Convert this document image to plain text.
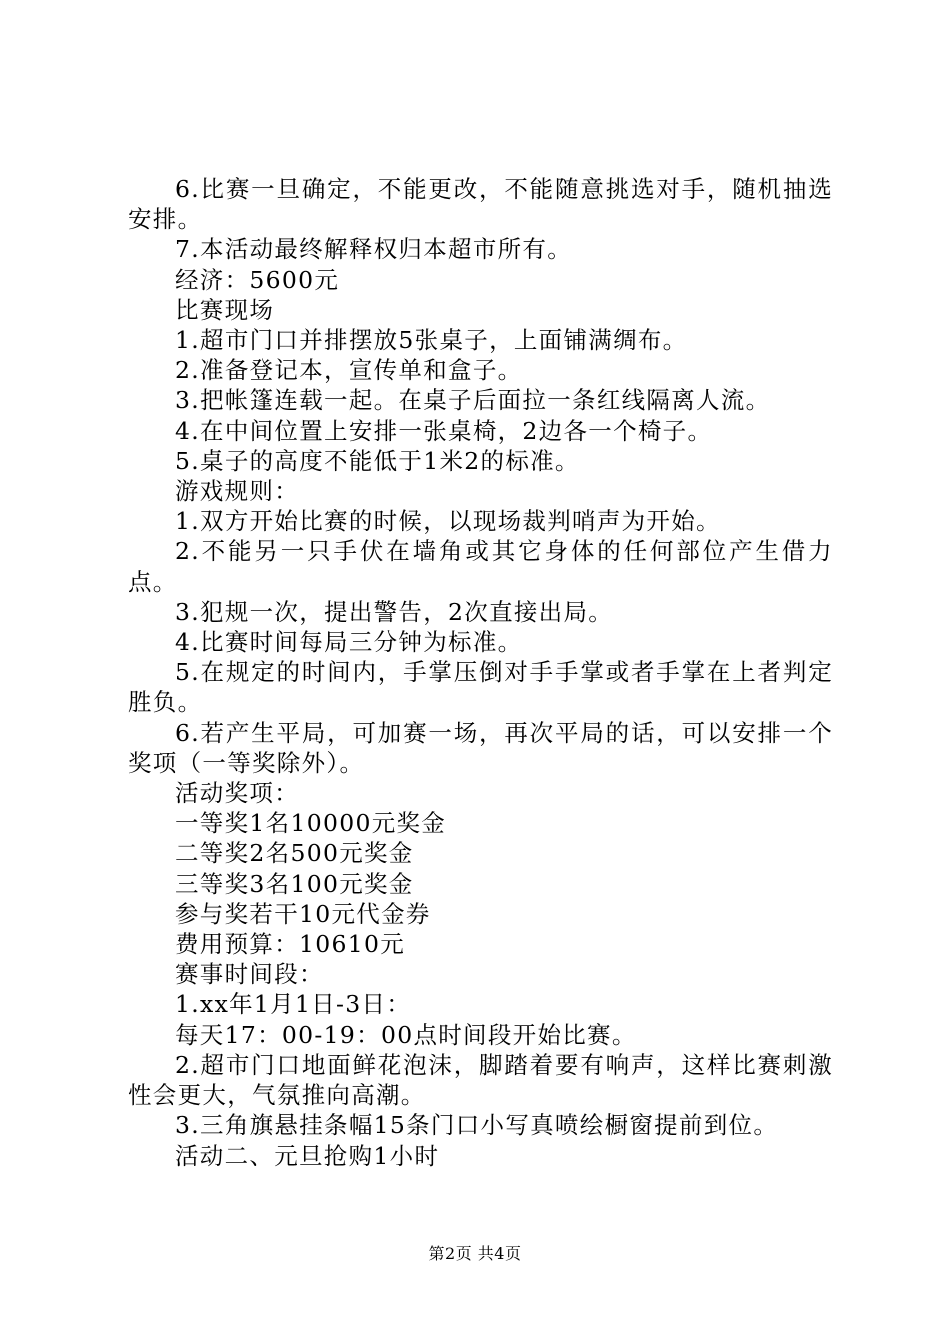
6.比赛一旦确定，不能更改，不能随意挑选对手，随机抽选安排。

7.本活动最终解释权归本超市所有。

经济：5600元

比赛现场

1.超市门口并排摆放5张桌子，上面铺满绸布。

2.准备登记本，宣传单和盒子。

3.把帐篷连载一起。在桌子后面拉一条红线隔离人流。

4.在中间位置上安排一张桌椅，2边各一个椅子。

5.桌子的高度不能低于1米2的标准。

游戏规则：

1.双方开始比赛的时候，以现场裁判哨声为开始。

2.不能另一只手伏在墙角或其它身体的任何部位产生借力点。

3.犯规一次，提出警告，2次直接出局。

4.比赛时间每局三分钟为标准。

5.在规定的时间内，手掌压倒对手手掌或者手掌在上者判定胜负。

6.若产生平局，可加赛一场，再次平局的话，可以安排一个奖项（一等奖除外）。

活动奖项：

一等奖1名10000元奖金

二等奖2名500元奖金

三等奖3名100元奖金

参与奖若干10元代金券

费用预算：10610元

赛事时间段：

1.xx年1月1日-3日：

每天17：00-19：00点时间段开始比赛。

2.超市门口地面鲜花泡沫，脚踏着要有响声，这样比赛刺激性会更大，气氛推向高潮。

3.三角旗悬挂条幅15条门口小写真喷绘橱窗提前到位。

活动二、元旦抢购1小时

第2页 共4页
